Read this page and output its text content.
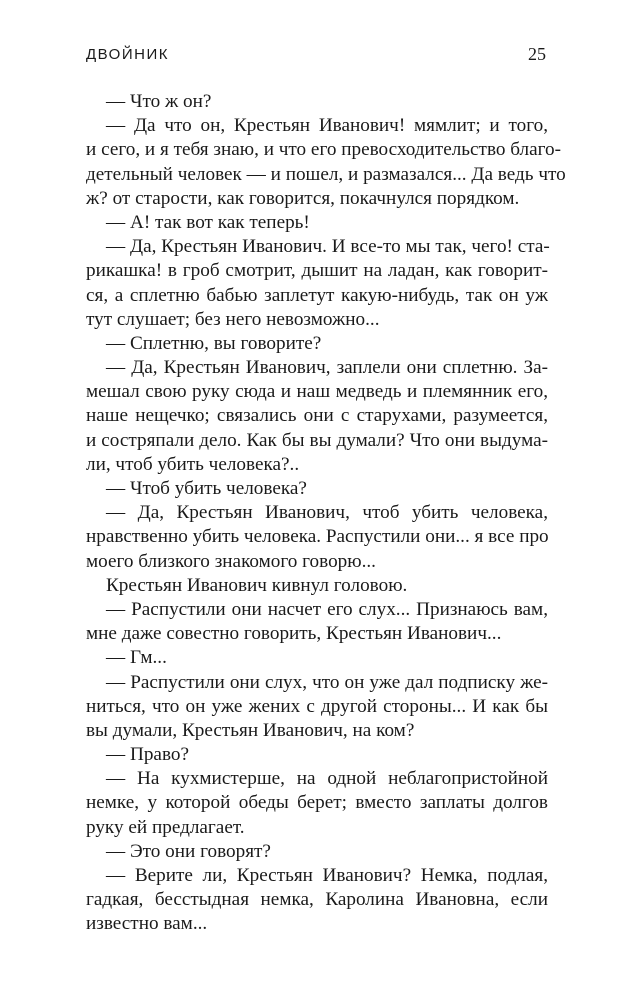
ДВОЙНИК	25
— Что ж он?
— Да что он, Крестьян Иванович! мямлит; и того,
и сего, и я тебя знаю, и что его превосходительство благо-
детельный человек — и пошел, и размазался... Да ведь что
ж? от старости, как говорится, покачнулся порядком.
— А! так вот как теперь!
— Да, Крестьян Иванович. И все-то мы так, чего! ста-
рикашка! в гроб смотрит, дышит на ладан, как говорит-
ся, а сплетню бабью заплетут какую-нибудь, так он уж
тут слушает; без него невозможно...
— Сплетню, вы говорите?
— Да, Крестьян Иванович, заплели они сплетню. За-
мешал свою руку сюда и наш медведь и племянник его,
наше нещечко; связались они с старухами, разумеется,
и состряпали дело. Как бы вы думали? Что они выдума-
ли, чтоб убить человека?..
— Чтоб убить человека?
— Да, Крестьян Иванович, чтоб убить человека,
нравственно убить человека. Распустили они... я все про
моего близкого знакомого говорю...
Крестьян Иванович кивнул головою.
— Распустили они насчет его слух... Признаюсь вам,
мне даже совестно говорить, Крестьян Иванович...
— Гм...
— Распустили они слух, что он уже дал подписку же-
ниться, что он уже жених с другой стороны... И как бы
вы думали, Крестьян Иванович, на ком?
— Право?
— На кухмистерше, на одной неблагопристойной
немке, у которой обеды берет; вместо заплаты долгов
руку ей предлагает.
— Это они говорят?
— Верите ли, Крестьян Иванович? Немка, подлая,
гадкая, бесстыдная немка, Каролина Ивановна, если
известно вам...
